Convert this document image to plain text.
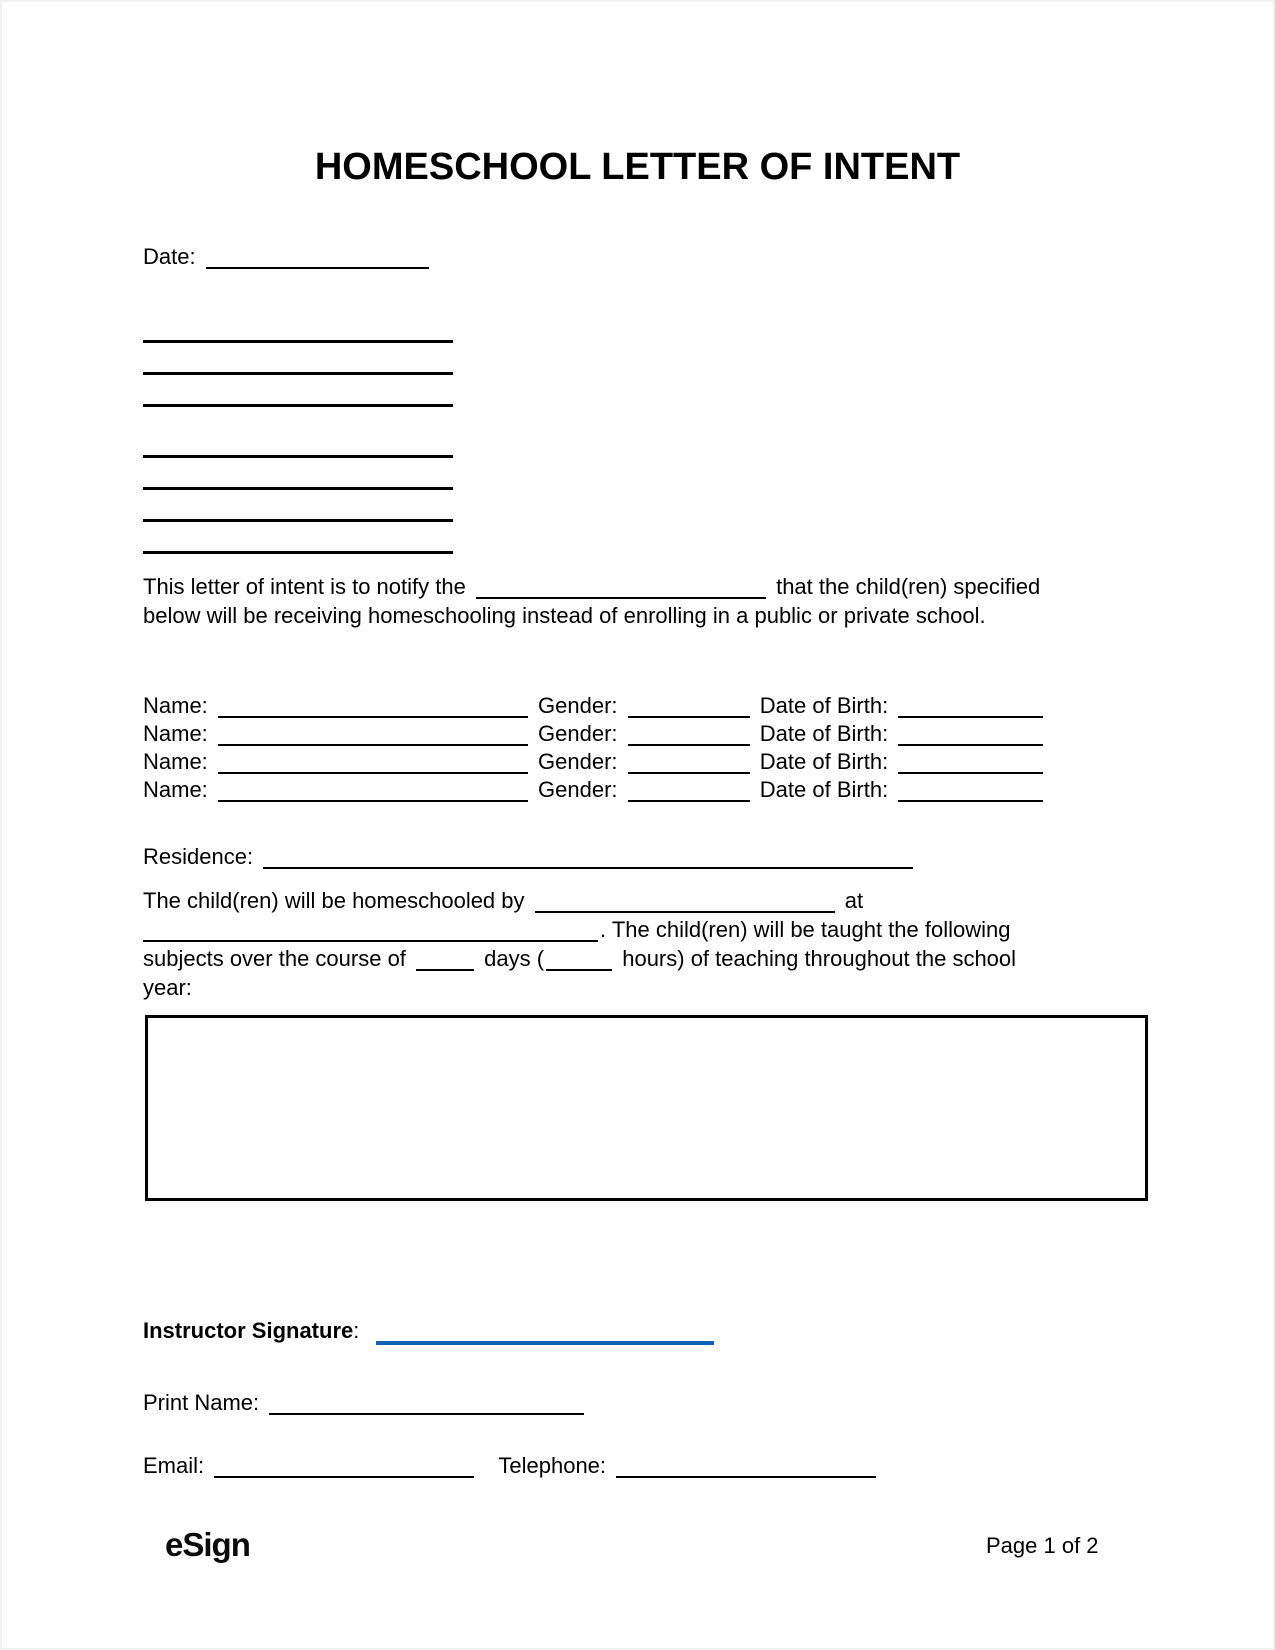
HOMESCHOOL LETTER OF INTENT
Date:
This letter of intent is to notify the	that the child(ren) specified
below will be receiving homeschooling instead of enrolling in a public or private school.
Name:	Gender:	Date of Birth:
Name:	Gender:	Date of Birth:
Name:	Gender:	Date of Birth:
Name:	Gender:	Date of Birth:
Residence:
The child(ren) will be homeschooled by	at
. The child(ren) will be taught the following
subjects over the course of	days (	hours) of teaching throughout the school
year:
Instructor Signature:
Print Name:
Email:	Telephone:
eSign	Page 1 of 2
